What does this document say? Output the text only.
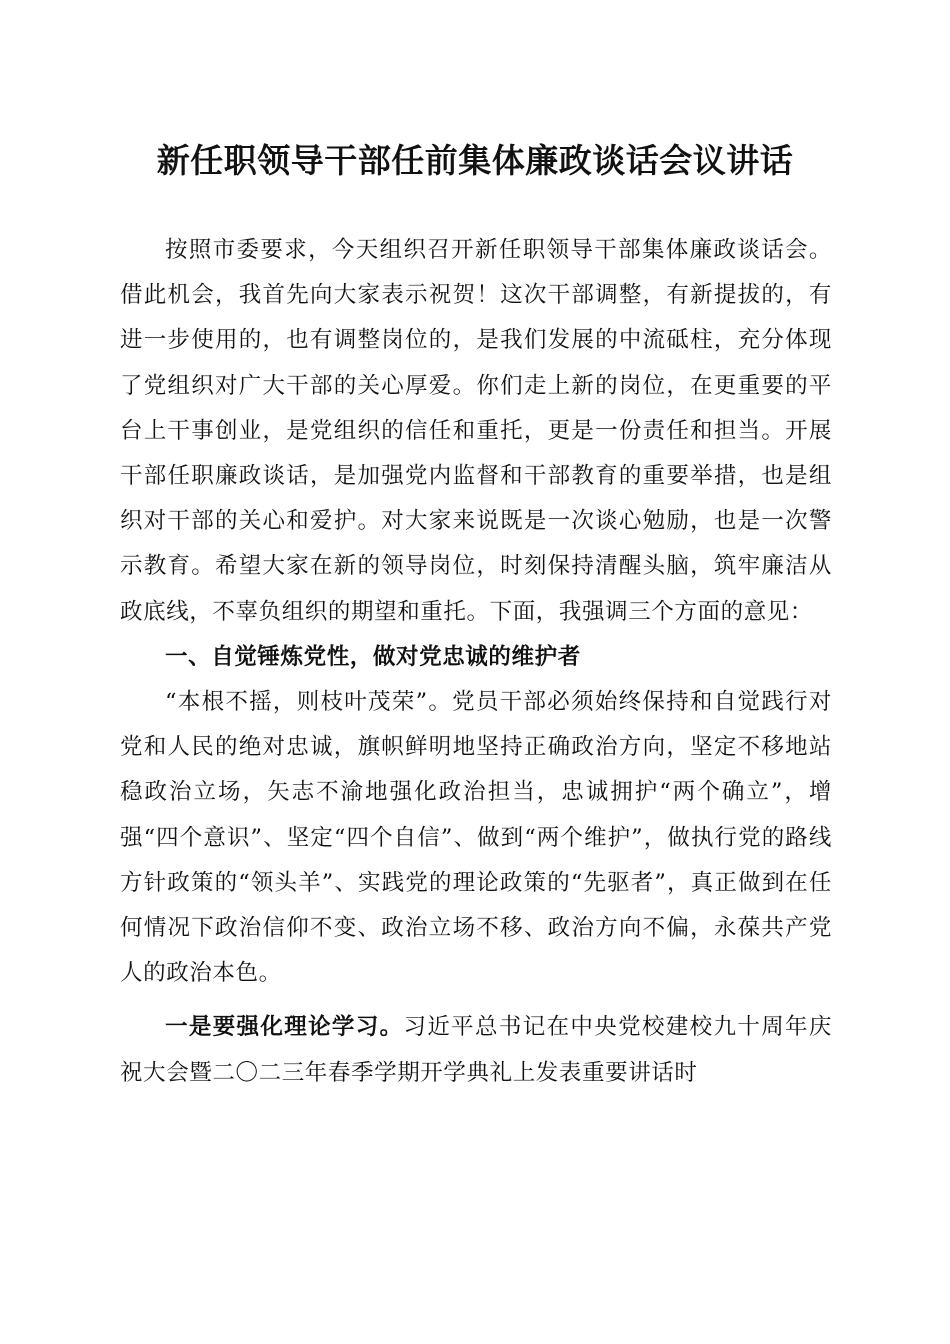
新任职领导干部任前集体廉政谈话会议讲话

按照市委要求，今天组织召开新任职领导干部集体廉政谈话会。借此机会，我首先向大家表示祝贺！这次干部调整，有新提拔的，有进一步使用的，也有调整岗位的，是我们发展的中流砥柱，充分体现了党组织对广大干部的关心厚爱。你们走上新的岗位，在更重要的平台上干事创业，是党组织的信任和重托，更是一份责任和担当。开展干部任职廉政谈话，是加强党内监督和干部教育的重要举措，也是组织对干部的关心和爱护。对大家来说既是一次谈心勉励，也是一次警示教育。希望大家在新的领导岗位，时刻保持清醒头脑，筑牢廉洁从政底线，不辜负组织的期望和重托。下面，我强调三个方面的意见：

一、自觉锤炼党性，做对党忠诚的维护者

“本根不摇，则枝叶茂荣”。党员干部必须始终保持和自觉践行对党和人民的绝对忠诚，旗帜鲜明地坚持正确政治方向，坚定不移地站稳政治立场，矢志不渝地强化政治担当，忠诚拥护“两个确立”，增强“四个意识”、坚定“四个自信”、做到“两个维护”，做执行党的路线方针政策的“领头羊”、实践党的理论政策的“先驱者”，真正做到在任何情况下政治信仰不变、政治立场不移、政治方向不偏，永葆共产党人的政治本色。

一是要强化理论学习。习近平总书记在中央党校建校九十周年庆祝大会暨二〇二三年春季学期开学典礼上发表重要讲话时
